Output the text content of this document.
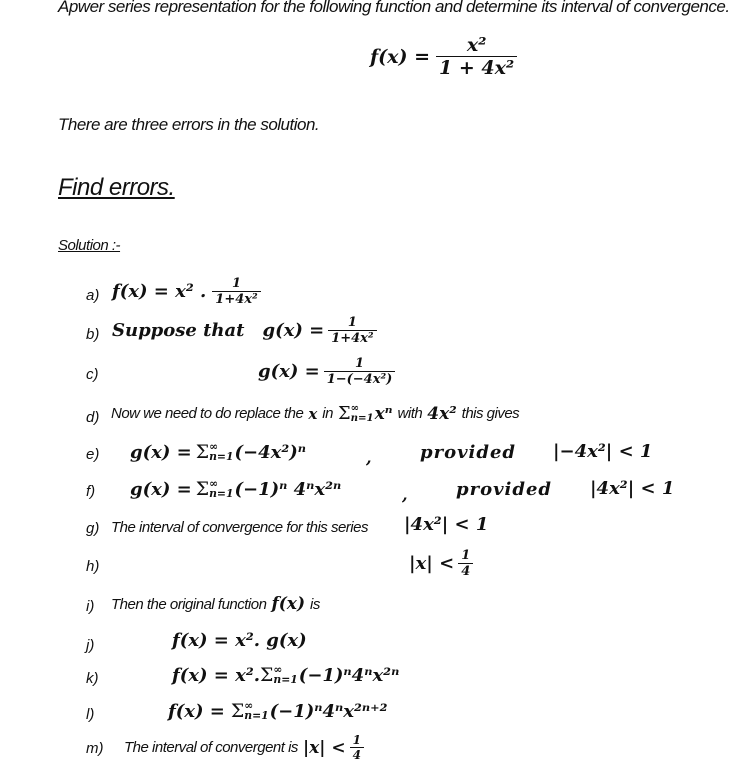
Apwer series representation for the following function and determine its interval of convergence.
$f(x) = \frac{\text{x²}}{\text{1 + 4x²}}$
There are three errors in the solution.
Find errors.
Solution :-
a) f(x) = x² . $\frac{1}{\text{1+4x²}}$
b) Suppose that $g(x) = \frac{1}{\text{1+4x²}}$
c)	$g(x) = \frac{1}{\text{1−(−4x²)}}$
d) Now we need to do replace the x in Σ ∞
n=1 xⁿ with 4x² this gives
e) g(x) = Σ ∞
n=1 (−4x²)ⁿ	,	provided |−4x²| < 1
f) g(x) = Σ ∞
n=1 (−1)ⁿ 4ⁿx²ⁿ	,	provided |4x²| < 1
g) The interval of convergence for this series |4x²| < 1
h)	$|x| < \frac{1}{4}$
i) Then the original function f(x) is
j)	f(x) = x². g(x)
k)	f(x) = x². Σ ∞
n=1 (−1)ⁿ4ⁿx²ⁿ
l)	f(x) = Σ ∞
n=1 (−1)ⁿ4ⁿx²ⁿ⁺²
m) The interval of convergent is $|x| < \frac{1}{4}$
